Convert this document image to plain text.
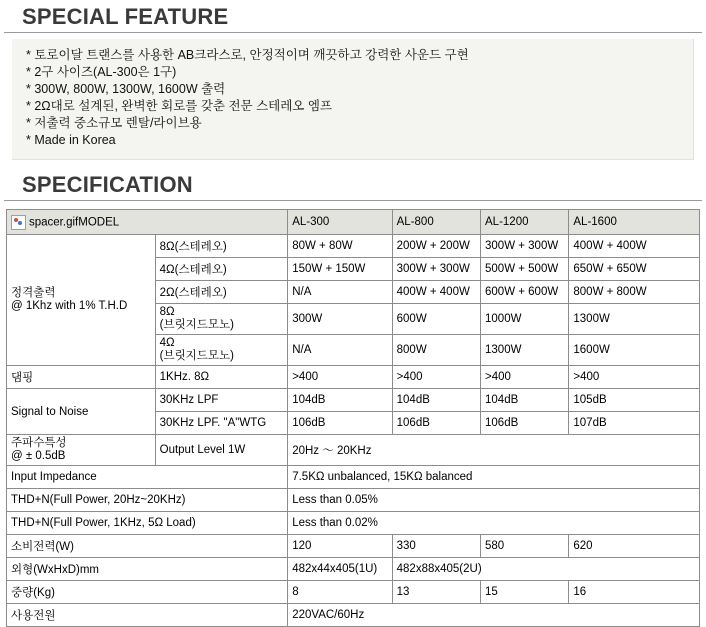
SPECIAL FEATURE
* 토로이달 트랜스를 사용한 AB크라스로, 안정적이며 깨끗하고 강력한 사운드 구현
* 2구 사이즈(AL-300은 1구)
* 300W, 800W, 1300W, 1600W 출력
* 2Ω대로 설계된, 완벽한 회로를 갖춘 전문 스테레오 엠프
* 저출력 중소규모 렌탈/라이브용
* Made in Korea
SPECIFICATION
spacer.gifMODEL		AL-300	AL-800	AL-1200	AL-1600

정격출력
@ 1Khz with 1% T.H.D	8Ω(스테레오)	80W + 80W	200W + 200W	300W + 300W	400W + 400W
	4Ω(스테레오)	150W + 150W	300W + 300W	500W + 500W	650W + 650W
	2Ω(스테레오)	N/A	400W + 400W	600W + 600W	800W + 800W

	8Ω
(브릿지드모노)	300W	600W	1000W	1300W

	4Ω
(브릿지드모노)	N/A	800W	1300W	1600W
댐핑	1KHz. 8Ω	>400	>400	>400	>400
Signal to Noise	30KHz LPF	104dB	104dB	104dB	105dB
	30KHz LPF. "A"WTG	106dB	106dB	106dB	107dB

주파수특성
@ ± 0.5dB	Output Level 1W	20Hz ～ 20KHz			
Input Impedance		7.5KΩ unbalanced, 15KΩ balanced			
THD+N(Full Power, 20Hz~20KHz)		Less than 0.05%			
THD+N(Full Power, 1KHz, 5Ω Load)		Less than 0.02%			
소비전력(W)		120	330	580	620
외형(WxHxD)mm		482x44x405(1U)	482x88x405(2U)		
중량(Kg)		8	13	15	16
사용전원		220VAC/60Hz			
